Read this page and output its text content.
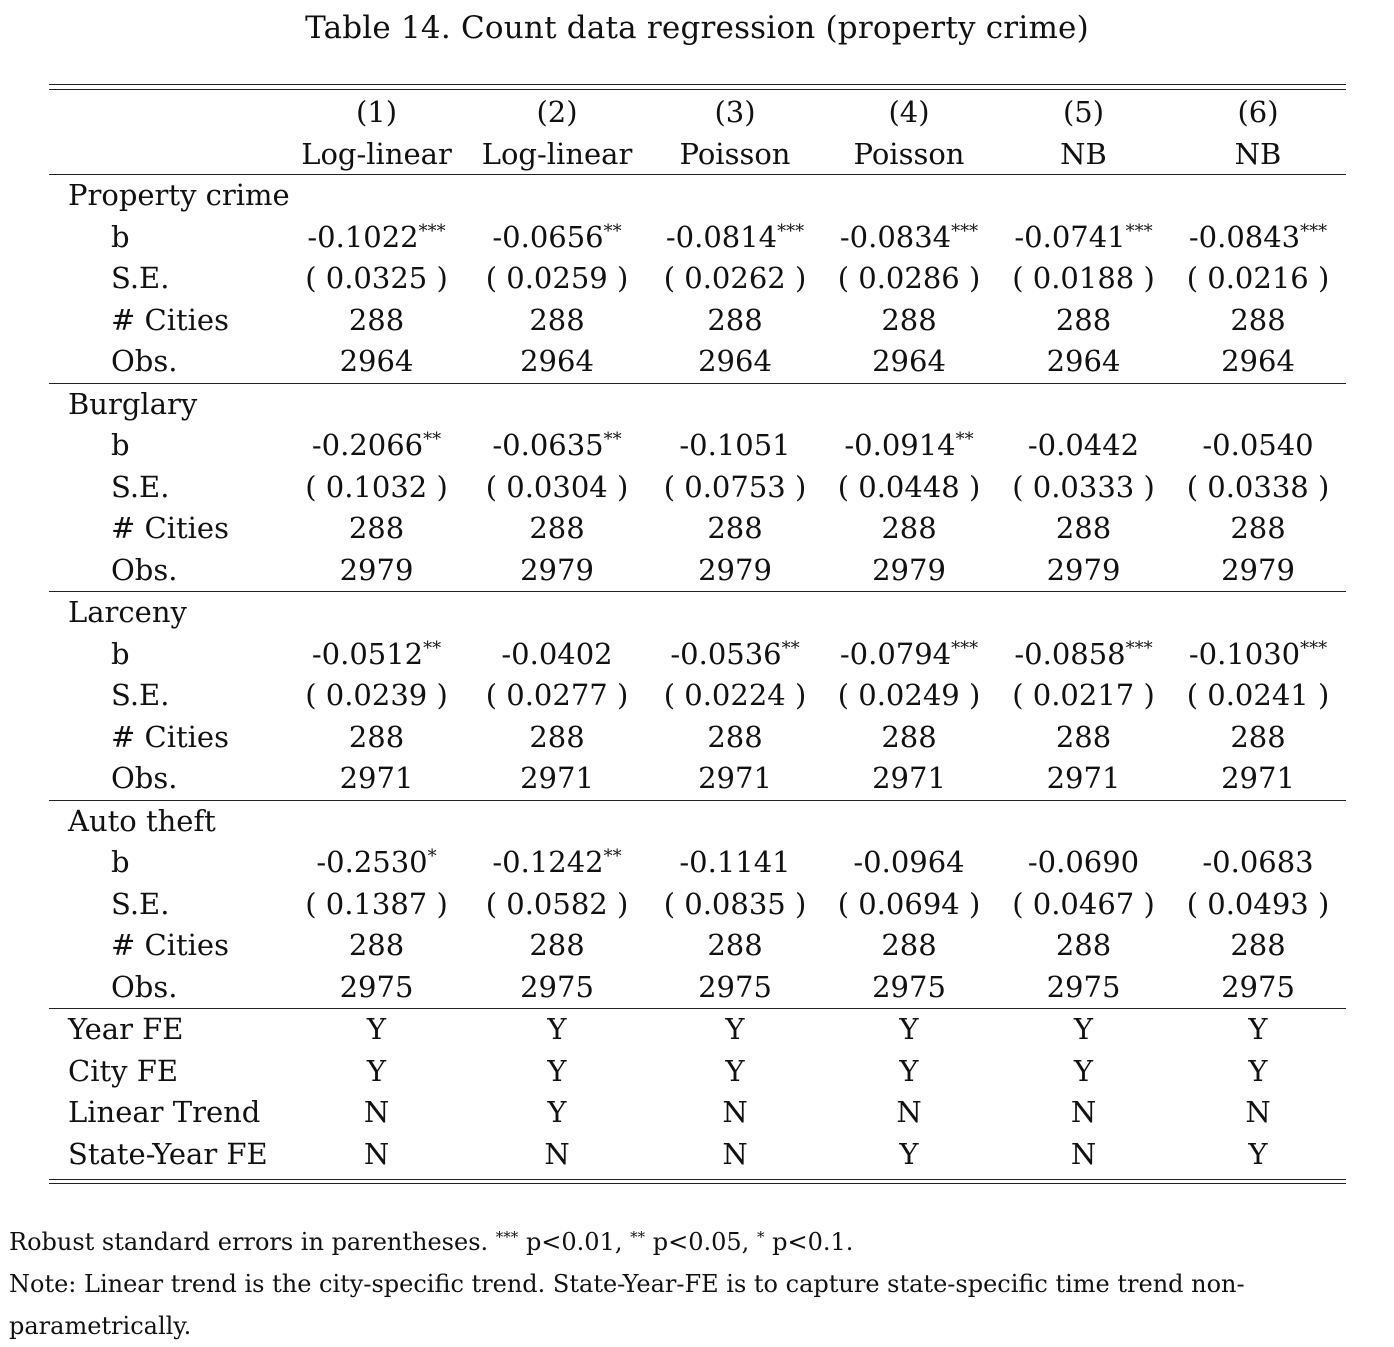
Table 14. Count data regression (property crime)
	(1)	(2)	(3)	(4)	(5)	(6)
	Log-linear	Log-linear	Poisson	Poisson	NB	NB
Property crime						
b	-0.1022***	-0.0656**	-0.0814***	-0.0834***	-0.0741***	-0.0843***
S.E.	( 0.0325 )	( 0.0259 )	( 0.0262 )	( 0.0286 )	( 0.0188 )	( 0.0216 )
# Cities	288	288	288	288	288	288
Obs.	2964	2964	2964	2964	2964	2964
Burglary						
b	-0.2066**	-0.0635**	-0.1051	-0.0914**	-0.0442	-0.0540
S.E.	( 0.1032 )	( 0.0304 )	( 0.0753 )	( 0.0448 )	( 0.0333 )	( 0.0338 )
# Cities	288	288	288	288	288	288
Obs.	2979	2979	2979	2979	2979	2979
Larceny						
b	-0.0512**	-0.0402	-0.0536**	-0.0794***	-0.0858***	-0.1030***
S.E.	( 0.0239 )	( 0.0277 )	( 0.0224 )	( 0.0249 )	( 0.0217 )	( 0.0241 )
# Cities	288	288	288	288	288	288
Obs.	2971	2971	2971	2971	2971	2971
Auto theft						
b	-0.2530*	-0.1242**	-0.1141	-0.0964	-0.0690	-0.0683
S.E.	( 0.1387 )	( 0.0582 )	( 0.0835 )	( 0.0694 )	( 0.0467 )	( 0.0493 )
# Cities	288	288	288	288	288	288
Obs.	2975	2975	2975	2975	2975	2975
Year FE	Y	Y	Y	Y	Y	Y
City FE	Y	Y	Y	Y	Y	Y
Linear Trend	N	Y	N	N	N	N
State-Year FE	N	N	N	Y	N	Y
Robust standard errors in parentheses. *** p<0.01, ** p<0.05, * p<0.1.
Note: Linear trend is the city-specific trend. State-Year-FE is to capture state-specific time trend non-parametrically.
